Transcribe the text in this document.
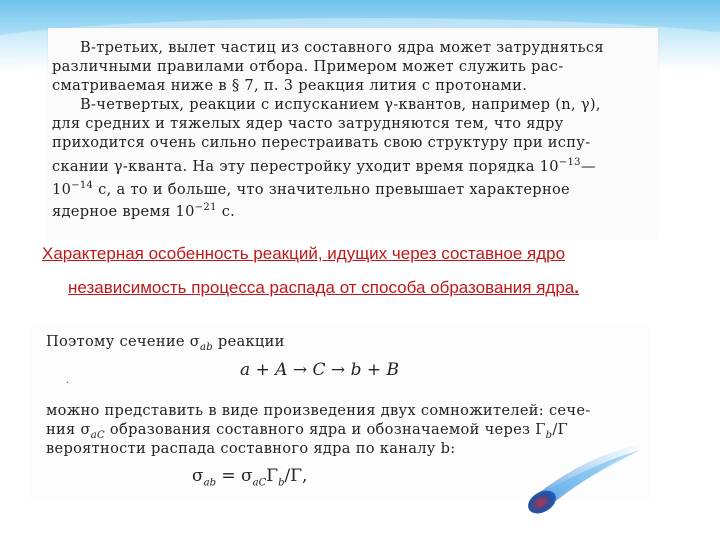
В-третьих, вылет частиц из составного ядра может затрудняться
различными правилами отбора. Примером может служить рас-
сматриваемая ниже в § 7, п. 3 реакция лития с протонами.
В-четвертых, реакции с испусканием γ-квантов, например (n, γ),
для средних и тяжелых ядер часто затрудняются тем, что ядру
приходится очень сильно перестраивать свою структуру при испу-
скании γ-кванта. На эту перестройку уходит время порядка $10^{-13}—$
$10^{-14}$ с, а то и больше, что значительно превышает характерное
ядерное время $10^{-21}$ с.
Характерная особенность реакций, идущих через составное ядро
независимость процесса распада от способа образования ядра.
Поэтому сечение $\sigma_{ab}$ реакции
a + A → C → b + B
.
можно представить в виде произведения двух сомножителей: сече-
ния $\sigma_{aC}$ образования составного ядра и обозначаемой через $\Gamma_b/\Gamma$
вероятности распада составного ядра по каналу b:
$\sigma_{ab} = \sigma_{aC}\Gamma_b/\Gamma$,
